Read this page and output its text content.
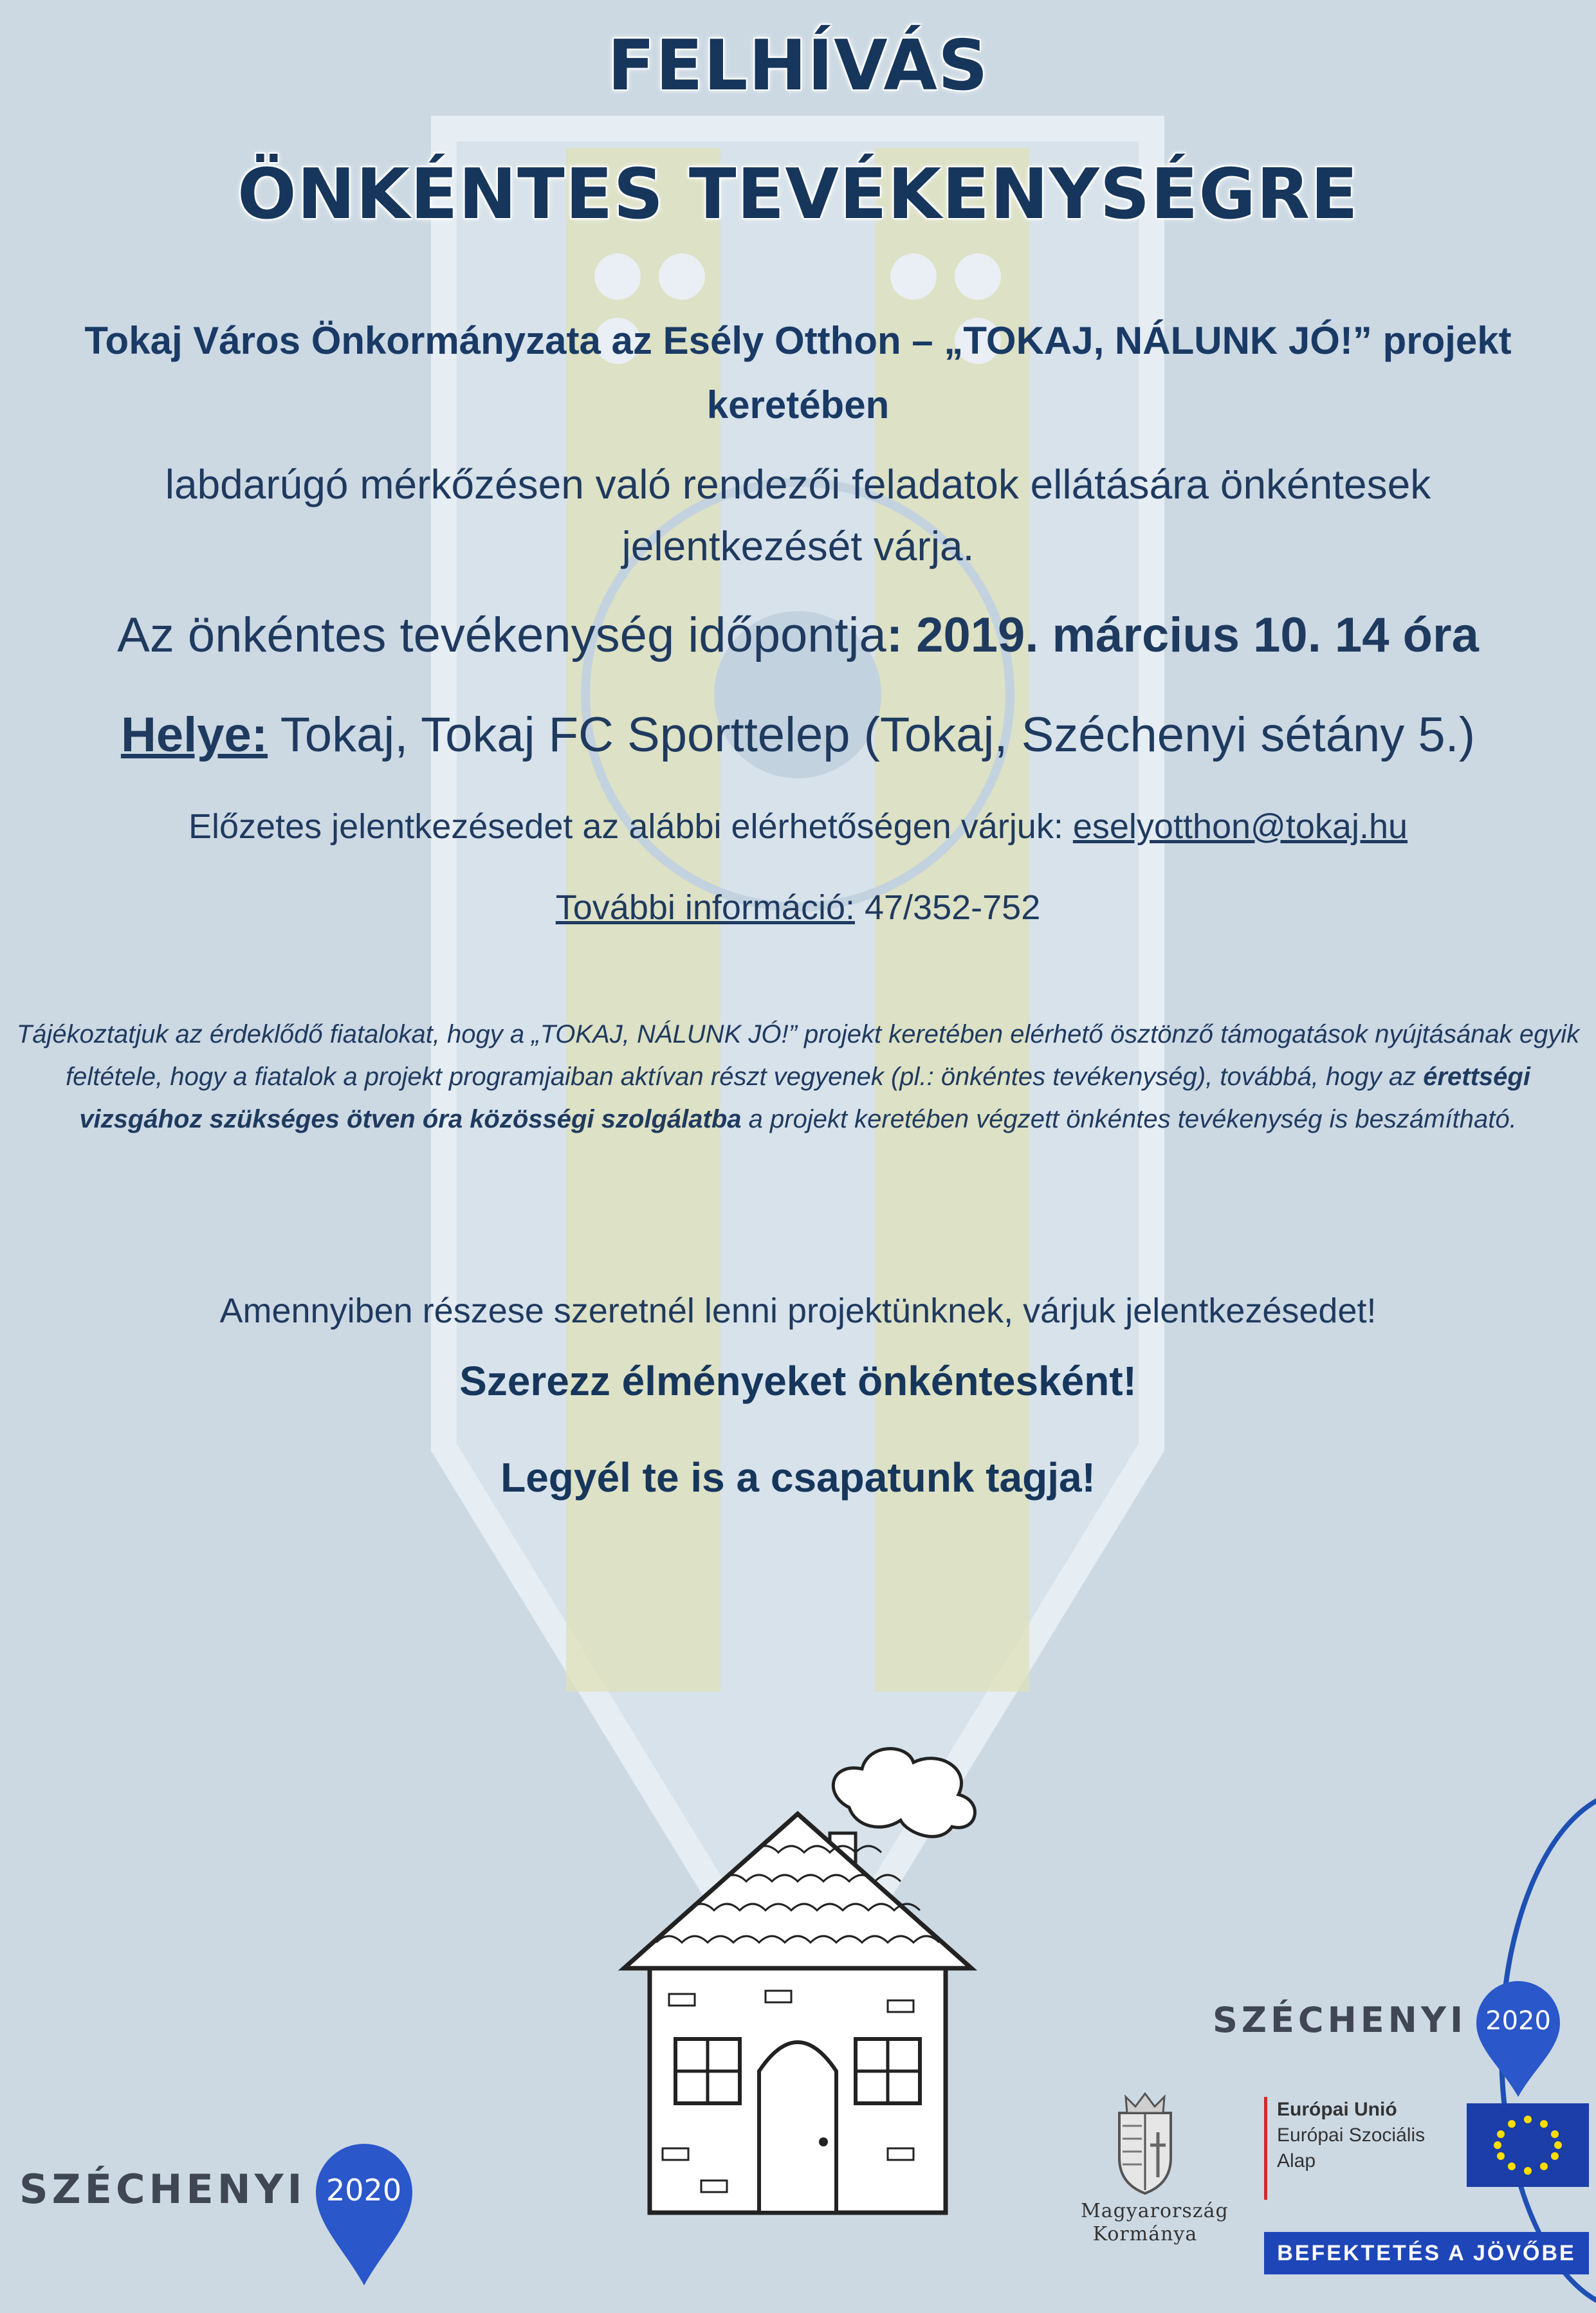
FELHÍVÁS
ÖNKÉNTES TEVÉKENYSÉGRE
Tokaj Város Önkormányzata az Esély Otthon – „TOKAJ, NÁLUNK JÓ!” projekt
keretében
labdarúgó mérkőzésen való rendezői feladatok ellátására önkéntesek
jelentkezését várja.
Az önkéntes tevékenység időpontja: 2019. március 10. 14 óra
Helye: Tokaj, Tokaj FC Sporttelep (Tokaj, Széchenyi sétány 5.)
Előzetes jelentkezésedet az alábbi elérhetőségen várjuk: eselyotthon@tokaj.hu
További információ: 47/352-752
Tájékoztatjuk az érdeklődő fiatalokat, hogy a „TOKAJ, NÁLUNK JÓ!” projekt keretében elérhető ösztönző támogatások nyújtásának egyik feltétele, hogy a fiatalok a projekt programjaiban aktívan részt vegyenek (pl.: önkéntes tevékenység), továbbá, hogy az érettségi vizsgához szükséges ötven óra közösségi szolgálatba a projekt keretében végzett önkéntes tevékenység is beszámítható.
Amennyiben részese szeretnél lenni projektünknek, várjuk jelentkezésedet!
Szerezz élményeket önkéntesként!
Legyél te is a csapatunk tagja!
SZÉCHENYI 2020
SZÉCHENYI 2020
Magyarország
Kormánya
Európai Unió
Európai Szociális
Alap
BEFEKTETÉS A JÖVŐBE
